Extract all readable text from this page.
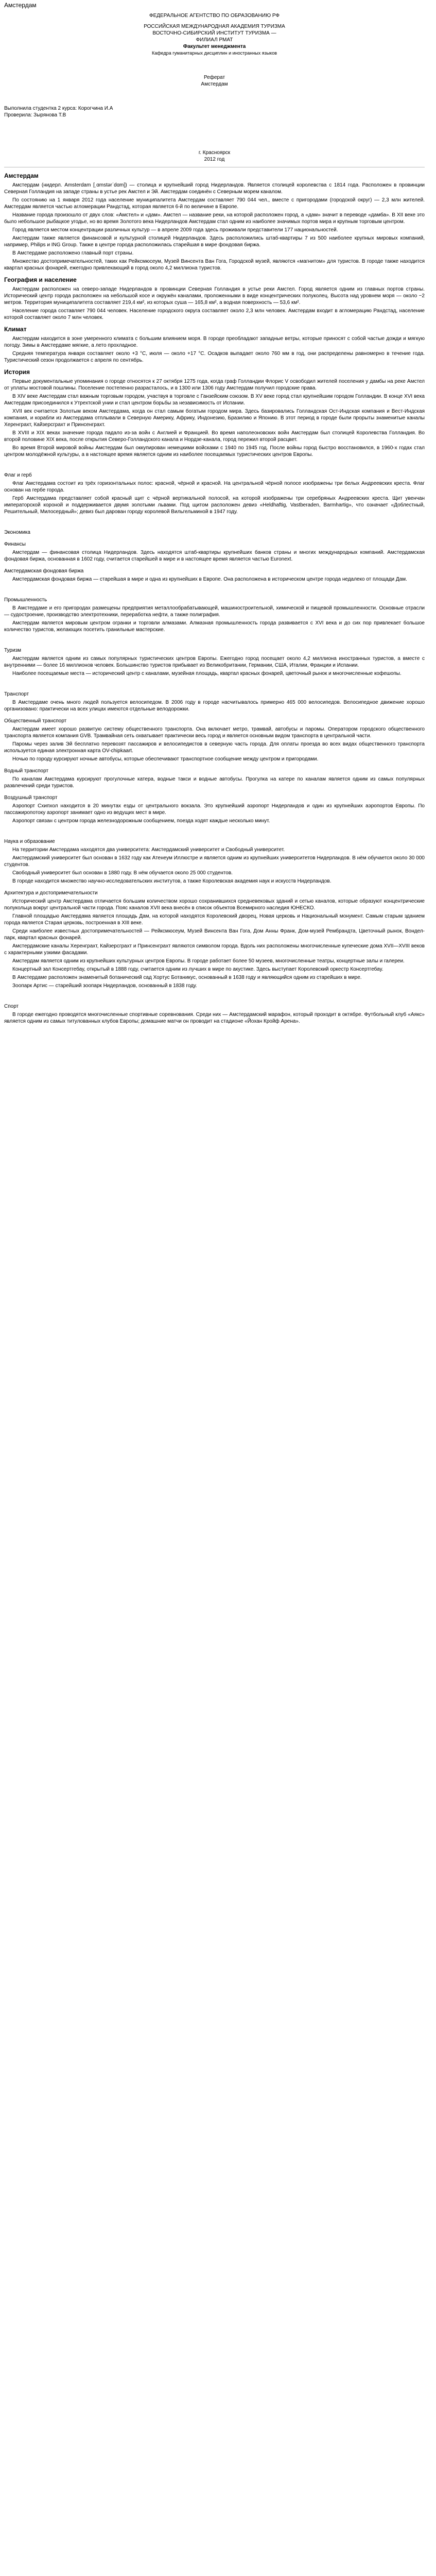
Амстердам

ФЕДЕРАЛЬНОЕ АГЕНТСТВО ПО ОБРАЗОВАНИЮ РФ

РОССИЙСКАЯ МЕЖДУНАРОДНАЯ АКАДЕМИЯ ТУРИЗМА

ВОСТОЧНО-СИБИРСКИЙ ИНСТИТУТ ТУРИЗМА —

ФИЛИАЛ РМАТ

Факультет менеджмента

Кафедра гуманитарных дисциплин и иностранных языков

Реферат

Амстердам

Выполнила студентка 2 курса: Корогчина И.А

Проверила: Зырянова Т.В

г. Красноярск

2012 год

Амстердам

Амстердам (нидерл. Amsterdam [ˌɑmstərˈdɑm]) — столица и крупнейший город Нидерландов. Является столицей королевства с 1814 года. Расположен в провинции Северная Голландия на западе страны в устье рек Амстел и Эй. Амстердам соединён с Северным морем каналом.

По состоянию на 1 января 2012 года население муниципалитета Амстердам составляет 790 044 чел., вместе с пригородами (городской округ) — 2,3 млн жителей. Амстердам является частью агломерации Рандстад, которая является 6-й по величине в Европе.

Название города произошло от двух слов: «Амстел» и «дам». Амстел — название реки, на которой расположен город, а «дам» значит в переводе «дамба». В XII веке это было небольшое рыбацкое угодье, но во время Золотого века Нидерландов Амстердам стал одним из наиболее значимых портов мира и крупным торговым центром.

Город является местом концентрации различных культур — в апреле 2009 года здесь проживали представители 177 национальностей.

Амстердам также является финансовой и культурной столицей Нидерландов. Здесь расположились штаб-квартиры 7 из 500 наиболее крупных мировых компаний, например, Philips и ING Group. Также в центре города расположилась старейшая в мире фондовая биржа.

В Амстердаме расположено главный порт страны.

Множество достопримечательностей, таких как Рейксмюсеум, Музей Винсента Ван Гога, Городской музей, являются «магнитом» для туристов. В городе также находится квартал красных фонарей, ежегодно привлекающий в город около 4,2 миллиона туристов.

География и население

Амстердам расположен на северо-западе Нидерландов в провинции Северная Голландия в устье реки Амстел. Город является одним из главных портов страны. Исторический центр города расположен на небольшой косе и окружён каналами, проложенными в виде концентрических полуколец. Высота над уровнем моря — около −2 метров. Территория муниципалитета составляет 219,4 км², из которых суша — 165,8 км², а водная поверхность — 53,6 км².

Население города составляет 790 044 человек. Население городского округа составляет около 2,3 млн человек. Амстердам входит в агломерацию Рандстад, население которой составляет около 7 млн человек.

Климат

Амстердам находится в зоне умеренного климата с большим влиянием моря. В городе преобладают западные ветры, которые приносят с собой частые дожди и мягкую погоду. Зимы в Амстердаме мягкие, а лето прохладное.

Средняя температура января составляет около +3 °C, июля — около +17 °C. Осадков выпадает около 760 мм в год, они распределены равномерно в течение года. Туристический сезон продолжается с апреля по сентябрь.

История

Первые документальные упоминания о городе относятся к 27 октября 1275 года, когда граф Голландии Флорис V освободил жителей поселения у дамбы на реке Амстел от уплаты мостовой пошлины. Поселение постепенно разрасталось, и в 1300 или 1306 году Амстердам получил городские права.

В XIV веке Амстердам стал важным торговым городом, участвуя в торговле с Ганзейским союзом. В XV веке город стал крупнейшим городом Голландии. В конце XVI века Амстердам присоединился к Утрехтской унии и стал центром борьбы за независимость от Испании.

XVII век считается Золотым веком Амстердама, когда он стал самым богатым городом мира. Здесь базировались Голландская Ост-Индская компания и Вест-Индская компания, и корабли из Амстердама отплывали в Северную Америку, Африку, Индонезию, Бразилию и Японию. В этот период в городе были прорыты знаменитые каналы Херенграхт, Кайзерсграхт и Принсенграхт.

В XVIII и XIX веках значение города падало из-за войн с Англией и Францией. Во время наполеоновских войн Амстердам был столицей Королевства Голландия. Во второй половине XIX века, после открытия Северо-Голландского канала и Нордзе-канала, город пережил второй расцвет.

Во время Второй мировой войны Амстердам был оккупирован немецкими войсками с 1940 по 1945 год. После войны город быстро восстановился, в 1960-х годах стал центром молодёжной культуры, а в настоящее время является одним из наиболее посещаемых туристических центров Европы.

Флаг и герб

Флаг Амстердама состоит из трёх горизонтальных полос: красной, чёрной и красной. На центральной чёрной полосе изображены три белых Андреевских креста. Флаг основан на гербе города.

Герб Амстердама представляет собой красный щит с чёрной вертикальной полосой, на которой изображены три серебряных Андреевских креста. Щит увенчан императорской короной и поддерживается двумя золотыми львами. Под щитом расположен девиз «Heldhaftig, Vastberaden, Barmhartig», что означает «Доблестный, Решительный, Милосердный»; девиз был дарован городу королевой Вильгельминой в 1947 году.

Экономика
Финансы

Амстердам — финансовая столица Нидерландов. Здесь находятся штаб-квартиры крупнейших банков страны и многих международных компаний. Амстердамская фондовая биржа, основанная в 1602 году, считается старейшей в мире и в настоящее время является частью Euronext.

Амстердамская фондовая биржа

Амстердамская фондовая биржа — старейшая в мире и одна из крупнейших в Европе. Она расположена в историческом центре города недалеко от площади Дам.

Промышленность

В Амстердаме и его пригородах размещены предприятия металлообрабатывающей, машиностроительной, химической и пищевой промышленности. Основные отрасли — судостроение, производство электротехники, переработка нефти, а также полиграфия.

Амстердам является мировым центром огранки и торговли алмазами. Алмазная промышленность города развивается с XVI века и до сих пор привлекает большое количество туристов, желающих посетить гранильные мастерские.

Туризм

Амстердам является одним из самых популярных туристических центров Европы. Ежегодно город посещает около 4,2 миллиона иностранных туристов, а вместе с внутренними — более 16 миллионов человек. Большинство туристов прибывает из Великобритании, Германии, США, Италии, Франции и Испании.

Наиболее посещаемые места — исторический центр с каналами, музейная площадь, квартал красных фонарей, цветочный рынок и многочисленные кофешопы.

Транспорт

В Амстердаме очень много людей пользуется велосипедом. В 2006 году в городе насчитывалось примерно 465 000 велосипедов. Велосипедное движение хорошо организовано: практически на всех улицах имеются отдельные велодорожки.

Общественный транспорт

Амстердам имеет хорошо развитую систему общественного транспорта. Она включает метро, трамвай, автобусы и паромы. Оператором городского общественного транспорта является компания GVB. Трамвайная сеть охватывает практически весь город и является основным видом транспорта в центральной части.

Паромы через залив Эй бесплатно перевозят пассажиров и велосипедистов в северную часть города. Для оплаты проезда во всех видах общественного транспорта используется единая электронная карта OV-chipkaart.

Ночью по городу курсируют ночные автобусы, которые обеспечивают транспортное сообщение между центром и пригородами.

Водный транспорт

По каналам Амстердама курсируют прогулочные катера, водные такси и водные автобусы. Прогулка на катере по каналам является одним из самых популярных развлечений среди туристов.

Воздушный транспорт

Аэропорт Схипхол находится в 20 минутах езды от центрального вокзала. Это крупнейший аэропорт Нидерландов и один из крупнейших аэропортов Европы. По пассажиропотоку аэропорт занимает одно из ведущих мест в мире.

Аэропорт связан с центром города железнодорожным сообщением, поезда ходят каждые несколько минут.

Наука и образование

На территории Амстердама находятся два университета: Амстердамский университет и Свободный университет.

Амстердамский университет был основан в 1632 году как Атенеум Иллюстре и является одним из крупнейших университетов Нидерландов. В нём обучается около 30 000 студентов.

Свободный университет был основан в 1880 году. В нём обучается около 25 000 студентов.

В городе находится множество научно-исследовательских институтов, а также Королевская академия наук и искусств Нидерландов.

Архитектура и достопримечательности

Исторический центр Амстердама отличается большим количеством хорошо сохранившихся средневековых зданий и сетью каналов, которые образуют концентрические полукольца вокруг центральной части города. Пояс каналов XVII века внесён в список объектов Всемирного наследия ЮНЕСКО.

Главной площадью Амстердама является площадь Дам, на которой находятся Королевский дворец, Новая церковь и Национальный монумент. Самым старым зданием города является Старая церковь, построенная в XIII веке.

Среди наиболее известных достопримечательностей — Рейксмюсеум, Музей Винсента Ван Гога, Дом Анны Франк, Дом-музей Рембрандта, Цветочный рынок, Вондел-парк, квартал красных фонарей.

Амстердамские каналы Херенграхт, Кайзерсграхт и Принсенграхт являются символом города. Вдоль них расположены многочисленные купеческие дома XVII—XVIII веков с характерными узкими фасадами.

Амстердам является одним из крупнейших культурных центров Европы. В городе работает более 50 музеев, многочисленные театры, концертные залы и галереи.

Концертный зал Консертгебау, открытый в 1888 году, считается одним из лучших в мире по акустике. Здесь выступает Королевский оркестр Консертгебау.

В Амстердаме расположен знаменитый ботанический сад Хортус Ботаникус, основанный в 1638 году и являющийся одним из старейших в мире.

Зоопарк Артис — старейший зоопарк Нидерландов, основанный в 1838 году.

Спорт

В городе ежегодно проводятся многочисленные спортивные соревнования. Среди них — Амстердамский марафон, который проходит в октябре. Футбольный клуб «Аякс» является одним из самых титулованных клубов Европы; домашние матчи он проводит на стадионе «Йохан Кройф Арена».
